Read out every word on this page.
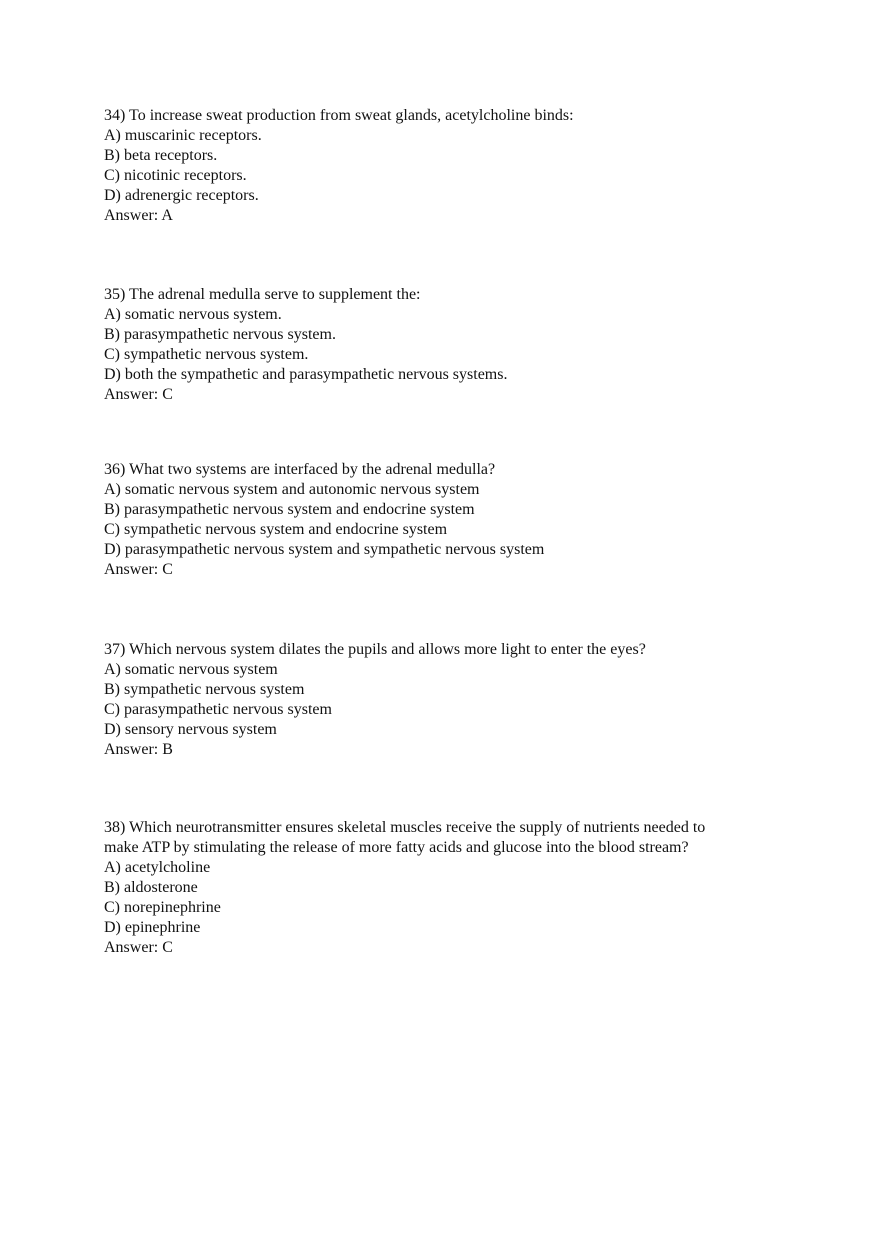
34) To increase sweat production from sweat glands, acetylcholine binds:
A) muscarinic receptors.
B) beta receptors.
C) nicotinic receptors.
D) adrenergic receptors.
Answer: A
35) The adrenal medulla serve to supplement the:
A) somatic nervous system.
B) parasympathetic nervous system.
C) sympathetic nervous system.
D) both the sympathetic and parasympathetic nervous systems.
Answer: C
36) What two systems are interfaced by the adrenal medulla?
A) somatic nervous system and autonomic nervous system
B) parasympathetic nervous system and endocrine system
C) sympathetic nervous system and endocrine system
D) parasympathetic nervous system and sympathetic nervous system
Answer: C
37) Which nervous system dilates the pupils and allows more light to enter the eyes?
A) somatic nervous system
B) sympathetic nervous system
C) parasympathetic nervous system
D) sensory nervous system
Answer: B
38) Which neurotransmitter ensures skeletal muscles receive the supply of nutrients needed to
make ATP by stimulating the release of more fatty acids and glucose into the blood stream?
A) acetylcholine
B) aldosterone
C) norepinephrine
D) epinephrine
Answer: C
